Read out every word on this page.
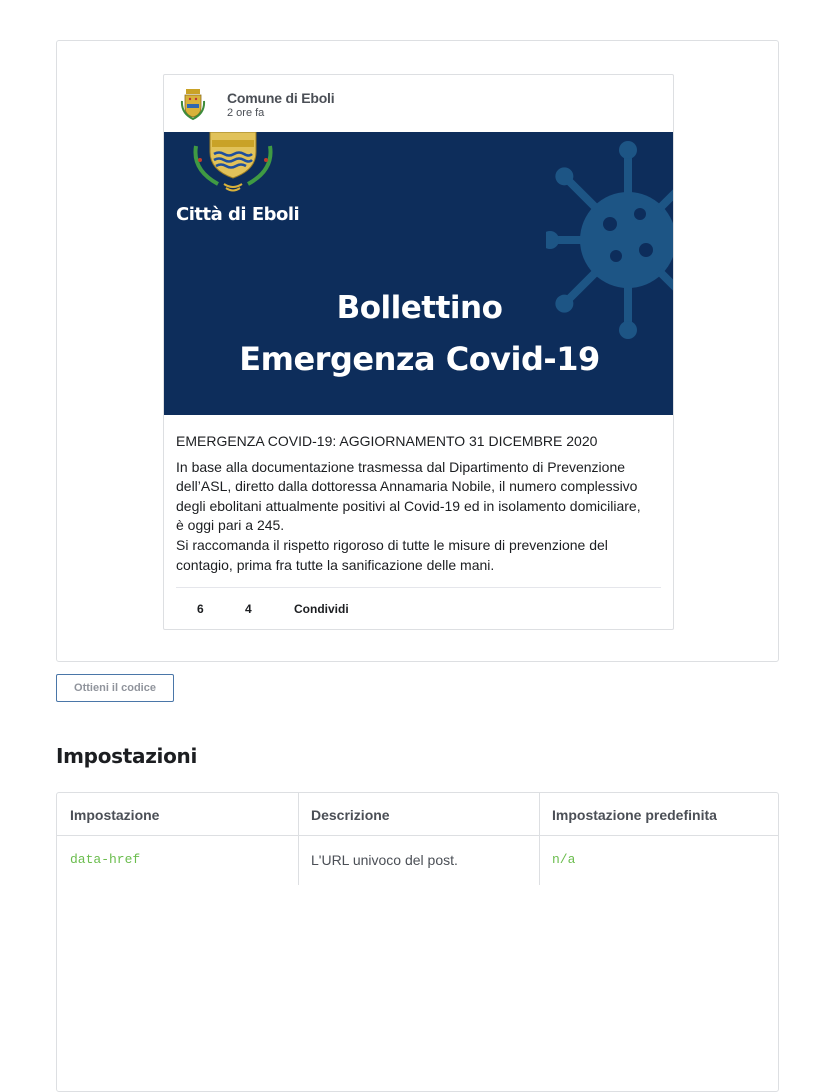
Comune di Eboli
2 ore fa
Città di Eboli
Bollettino
Emergenza Covid-19

EMERGENZA COVID-19: AGGIORNAMENTO 31 DICEMBRE 2020

In base alla documentazione trasmessa dal Dipartimento di Prevenzione

dell’ASL, diretto dalla dottoressa Annamaria Nobile, il numero complessivo

degli ebolitani attualmente positivi al Covid-19 ed in isolamento domiciliare,

è oggi pari a 245.

Si raccomanda il rispetto rigoroso di tutte le misure di prevenzione del

contagio, prima fra tutte la sanificazione delle mani.

6	4	Condividi
Ottieni il codice
Impostazioni
Impostazione	Descrizione	Impostazione predefinita
data-href	L'URL univoco del post.	n/a
